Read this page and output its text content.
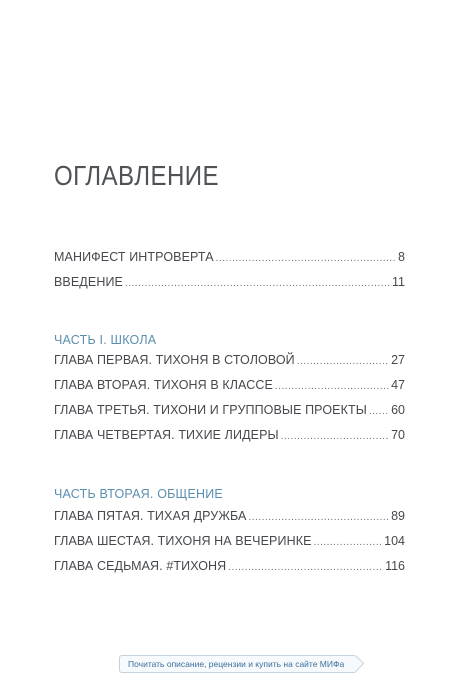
ОГЛАВЛЕНИЕ
МАНИФЕСТ ИНТРОВЕРТА .....	8
ВВЕДЕНИЕ .....	11
ЧАСТЬ I. ШКОЛА
ГЛАВА ПЕРВАЯ. ТИХОНЯ В СТОЛОВОЙ .....	27
ГЛАВА ВТОРАЯ. ТИХОНЯ В КЛАССЕ .....	47
ГЛАВА ТРЕТЬЯ. ТИХОНИ И ГРУППОВЫЕ ПРОЕКТЫ ..... 60
ГЛАВА ЧЕТВЕРТАЯ. ТИХИЕ ЛИДЕРЫ .....	70
ЧАСТЬ ВТОРАЯ. ОБЩЕНИЕ
ГЛАВА ПЯТАЯ. ТИХАЯ ДРУЖБА .....	89
ГЛАВА ШЕСТАЯ. ТИХОНЯ НА ВЕЧЕРИНКЕ .....	104
ГЛАВА СЕДЬМАЯ. #ТИХОНЯ .....	116
Почитать описание, рецензии и купить на сайте МИФа
